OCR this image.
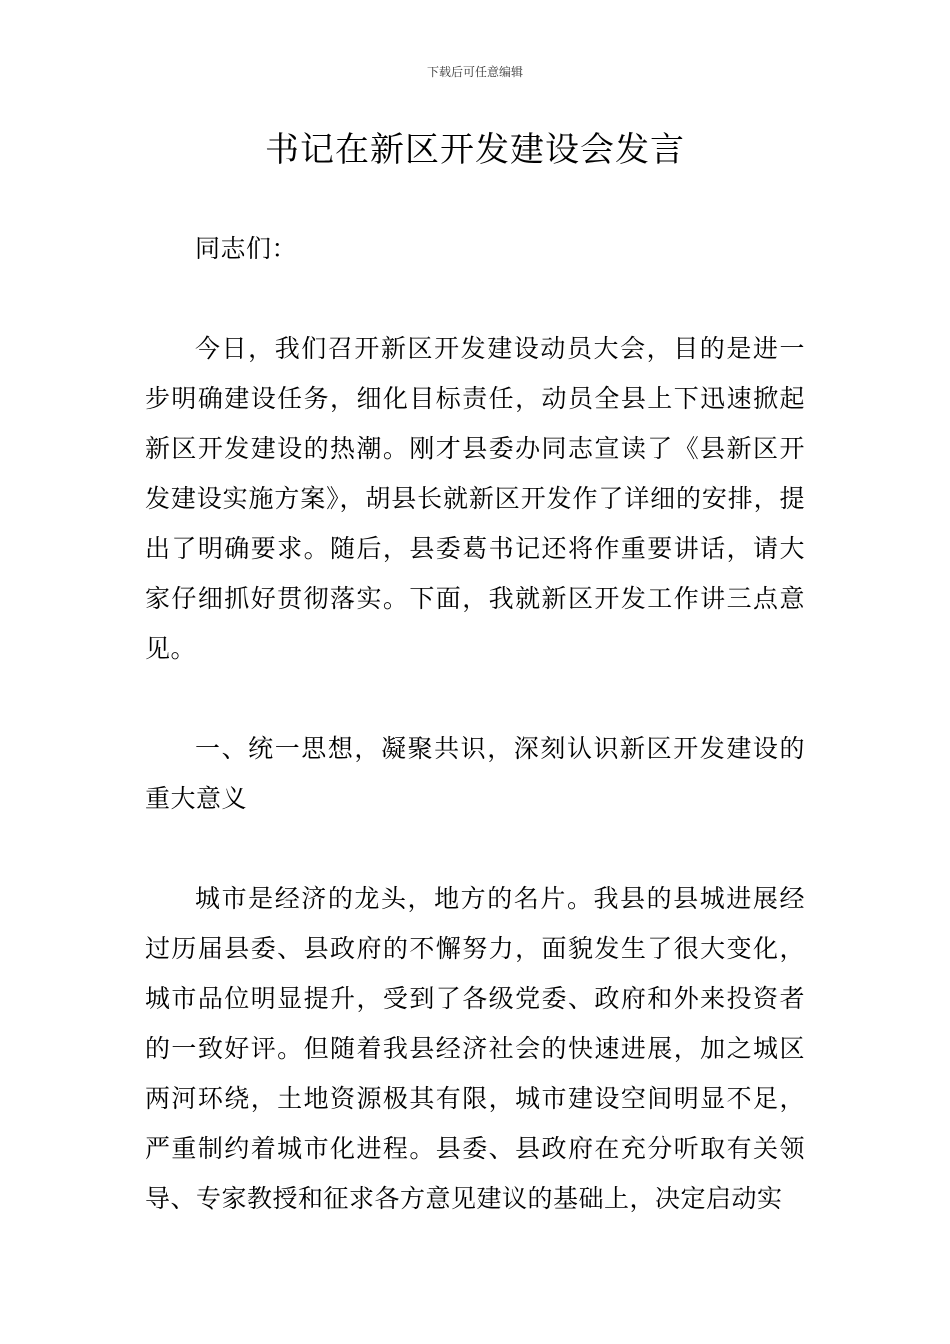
下载后可任意编辑
书记在新区开发建设会发言

同志们：

今日，我们召开新区开发建设动员大会，目的是进一步明确建设任务，细化目标责任，动员全县上下迅速掀起新区开发建设的热潮。刚才县委办同志宣读了《县新区开发建设实施方案》，胡县长就新区开发作了详细的安排，提出了明确要求。随后，县委葛书记还将作重要讲话，请大家仔细抓好贯彻落实。下面，我就新区开发工作讲三点意见。

一、统一思想，凝聚共识，深刻认识新区开发建设的重大意义

城市是经济的龙头，地方的名片。我县的县城进展经过历届县委、县政府的不懈努力，面貌发生了很大变化，城市品位明显提升，受到了各级党委、政府和外来投资者的一致好评。但随着我县经济社会的快速进展，加之城区两河环绕，土地资源极其有限，城市建设空间明显不足，严重制约着城市化进程。县委、县政府在充分听取有关领导、专家教授和征求各方意见建议的基础上，决定启动实
